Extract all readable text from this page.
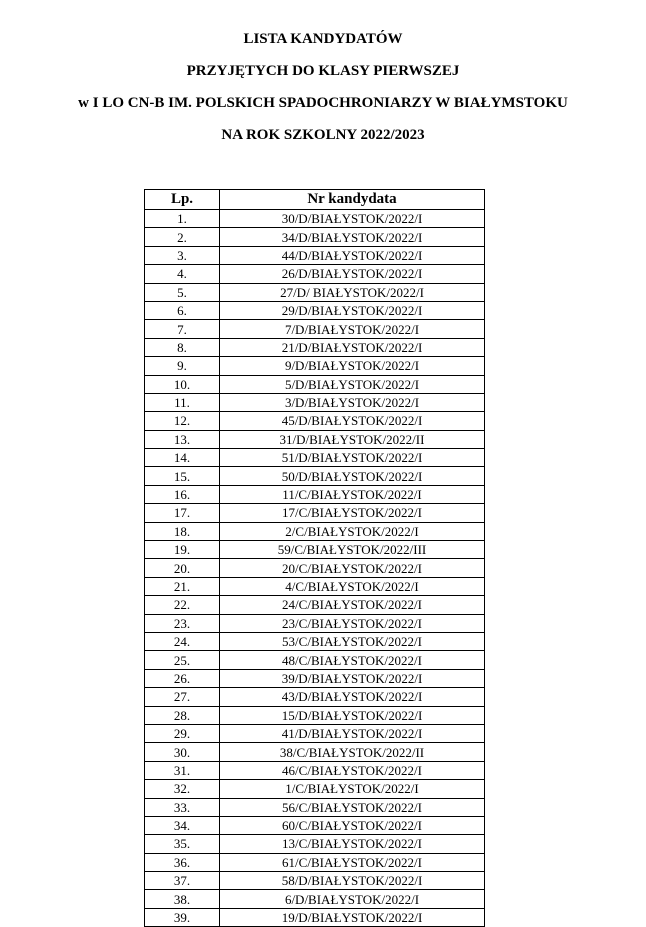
LISTA KANDYDATÓW
PRZYJĘTYCH DO KLASY PIERWSZEJ
w I LO CN-B IM. POLSKICH SPADOCHRONIARZY W BIAŁYMSTOKU
NA ROK SZKOLNY 2022/2023
Lp.	Nr kandydata
1.	30/D/BIAŁYSTOK/2022/I
2.	34/D/BIAŁYSTOK/2022/I
3.	44/D/BIAŁYSTOK/2022/I
4.	26/D/BIAŁYSTOK/2022/I
5.	27/D/ BIAŁYSTOK/2022/I
6.	29/D/BIAŁYSTOK/2022/I
7.	7/D/BIAŁYSTOK/2022/I
8.	21/D/BIAŁYSTOK/2022/I
9.	9/D/BIAŁYSTOK/2022/I
10.	5/D/BIAŁYSTOK/2022/I
11.	3/D/BIAŁYSTOK/2022/I
12.	45/D/BIAŁYSTOK/2022/I
13.	31/D/BIAŁYSTOK/2022/II
14.	51/D/BIAŁYSTOK/2022/I
15.	50/D/BIAŁYSTOK/2022/I
16.	11/C/BIAŁYSTOK/2022/I
17.	17/C/BIAŁYSTOK/2022/I
18.	2/C/BIAŁYSTOK/2022/I
19.	59/C/BIAŁYSTOK/2022/III
20.	20/C/BIAŁYSTOK/2022/I
21.	4/C/BIAŁYSTOK/2022/I
22.	24/C/BIAŁYSTOK/2022/I
23.	23/C/BIAŁYSTOK/2022/I
24.	53/C/BIAŁYSTOK/2022/I
25.	48/C/BIAŁYSTOK/2022/I
26.	39/D/BIAŁYSTOK/2022/I
27.	43/D/BIAŁYSTOK/2022/I
28.	15/D/BIAŁYSTOK/2022/I
29.	41/D/BIAŁYSTOK/2022/I
30.	38/C/BIAŁYSTOK/2022/II
31.	46/C/BIAŁYSTOK/2022/I
32.	1/C/BIAŁYSTOK/2022/I
33.	56/C/BIAŁYSTOK/2022/I
34.	60/C/BIAŁYSTOK/2022/I
35.	13/C/BIAŁYSTOK/2022/I
36.	61/C/BIAŁYSTOK/2022/I
37.	58/D/BIAŁYSTOK/2022/I
38.	6/D/BIAŁYSTOK/2022/I
39.	19/D/BIAŁYSTOK/2022/I
